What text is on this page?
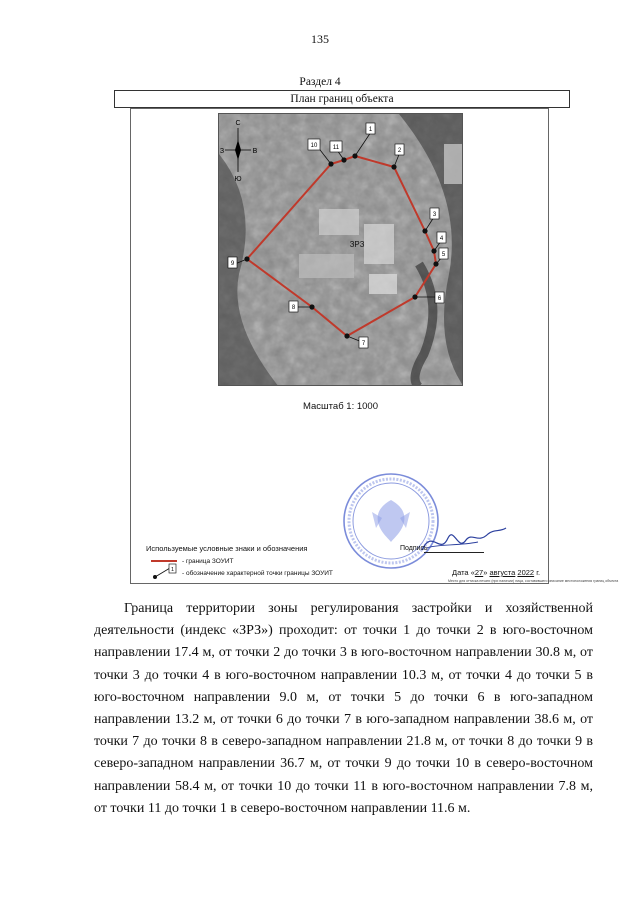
135
Раздел 4
План границ объекта
С
Ю
З	В
ЗРЗ
1
2
3
4
5
6
7
8
9
10	11
Масштаб 1: 1000
Используемые условные знаки и обозначения
1
- граница ЗОУИТ
- обозначение характерной точки границы ЗОУИТ
Подпись
Дата «27» августа 2022 г.
Место для оттиска печати (при наличии) лица, составившего описание местоположения границ объекта
Граница территории зоны регулирования застройки и хозяйственной деятельности (индекс «ЗРЗ») проходит: от точки 1 до точки 2 в юго-восточном направлении 17.4 м, от точки 2 до точки 3 в юго-восточном направлении 30.8 м, от точки 3 до точки 4 в юго-восточном направлении 10.3 м, от точки 4 до точки 5 в юго-восточном направлении 9.0 м, от точки 5 до точки 6 в юго-западном направлении 13.2 м, от точки 6 до точки 7 в юго-западном направлении 38.6 м, от точки 7 до точки 8 в северо-западном направлении 21.8 м, от точки 8 до точки 9 в северо-западном направлении 36.7 м, от точки 9 до точки 10 в северо-восточном направлении 58.4 м, от точки 10 до точки 11 в юго-восточном направлении 7.8 м, от точки 11 до точки 1 в северо-восточном направлении 11.6 м.
